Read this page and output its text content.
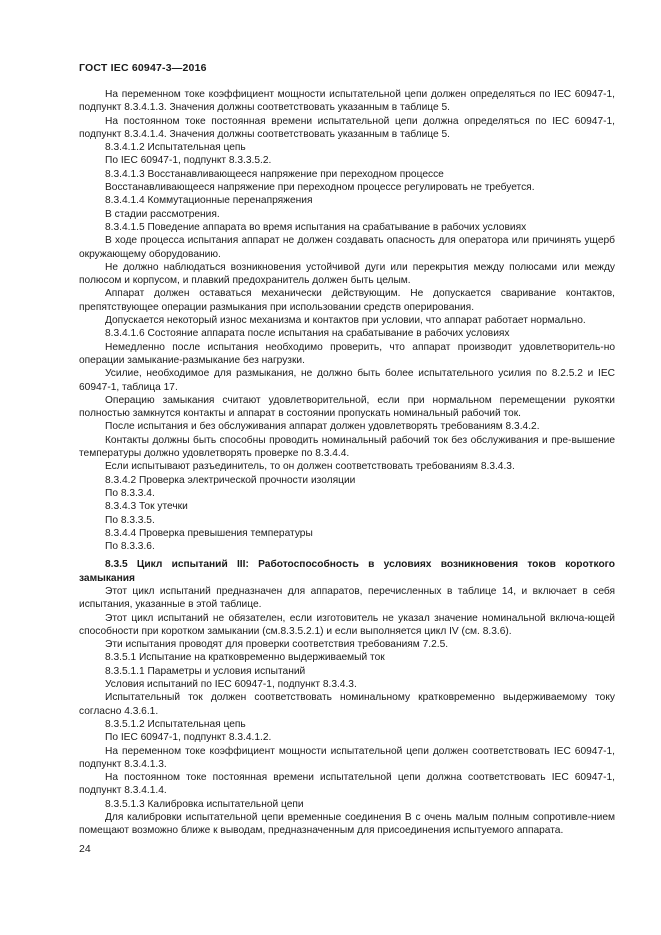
ГОСТ IEC 60947-3—2016

На переменном токе коэффициент мощности испытательной цепи должен определяться по IEC 60947-1, подпункт 8.3.4.1.3. Значения должны соответствовать указанным в таблице 5.

На постоянном токе постоянная времени испытательной цепи должна определяться по IEC 60947-1, подпункт 8.3.4.1.4. Значения должны соответствовать указанным в таблице 5.

8.3.4.1.2 Испытательная цепь

По IEC 60947-1, подпункт 8.3.3.5.2.

8.3.4.1.3 Восстанавливающееся напряжение при переходном процессе

Восстанавливающееся напряжение при переходном процессе регулировать не требуется.

8.3.4.1.4 Коммутационные перенапряжения

В стадии рассмотрения.

8.3.4.1.5 Поведение аппарата во время испытания на срабатывание в рабочих условиях

В ходе процесса испытания аппарат не должен создавать опасность для оператора или причинять ущерб окружающему оборудованию.

Не должно наблюдаться возникновения устойчивой дуги или перекрытия между полюсами или между полюсом и корпусом, и плавкий предохранитель должен быть целым.

Аппарат должен оставаться механически действующим. Не допускается сваривание контактов, препятствующее операции размыкания при использовании средств оперирования.

Допускается некоторый износ механизма и контактов при условии, что аппарат работает нормально.

8.3.4.1.6 Состояние аппарата после испытания на срабатывание в рабочих условиях

Немедленно после испытания необходимо проверить, что аппарат производит удовлетворитель-но операции замыкание-размыкание без нагрузки.

Усилие, необходимое для размыкания, не должно быть более испытательного усилия по 8.2.5.2 и IEC 60947-1, таблица 17.

Операцию замыкания считают удовлетворительной, если при нормальном перемещении рукоятки полностью замкнутся контакты и аппарат в состоянии пропускать номинальный рабочий ток.

После испытания и без обслуживания аппарат должен удовлетворять требованиям 8.3.4.2.

Контакты должны быть способны проводить номинальный рабочий ток без обслуживания и пре-вышение температуры должно удовлетворять проверке по 8.3.4.4.

Если испытывают разъединитель, то он должен соответствовать требованиям 8.3.4.3.

8.3.4.2 Проверка электрической прочности изоляции

По 8.3.3.4.

8.3.4.3 Ток утечки

По 8.3.3.5.

8.3.4.4 Проверка превышения температуры

По 8.3.3.6.

8.3.5 Цикл испытаний III: Работоспособность в условиях возникновения токов короткого замыкания

Этот цикл испытаний предназначен для аппаратов, перечисленных в таблице 14, и включает в себя испытания, указанные в этой таблице.

Этот цикл испытаний не обязателен, если изготовитель не указал значение номинальной включа-ющей способности при коротком замыкании (см.8.3.5.2.1) и если выполняется цикл IV (см. 8.3.6).

Эти испытания проводят для проверки соответствия требованиям 7.2.5.

8.3.5.1 Испытание на кратковременно выдерживаемый ток

8.3.5.1.1 Параметры и условия испытаний

Условия испытаний по IEC 60947-1, подпункт 8.3.4.3.

Испытательный ток должен соответствовать номинальному кратковременно выдерживаемому току согласно 4.3.6.1.

8.3.5.1.2 Испытательная цепь

По IEC 60947-1, подпункт 8.3.4.1.2.

На переменном токе коэффициент мощности испытательной цепи должен соответствовать IEC 60947-1, подпункт 8.3.4.1.3.

На постоянном токе постоянная времени испытательной цепи должна соответствовать IEC 60947-1, подпункт 8.3.4.1.4.

8.3.5.1.3 Калибровка испытательной цепи

Для калибровки испытательной цепи временные соединения В с очень малым полным сопротивле-нием помещают возможно ближе к выводам, предназначенным для присоединения испытуемого аппарата.

24
